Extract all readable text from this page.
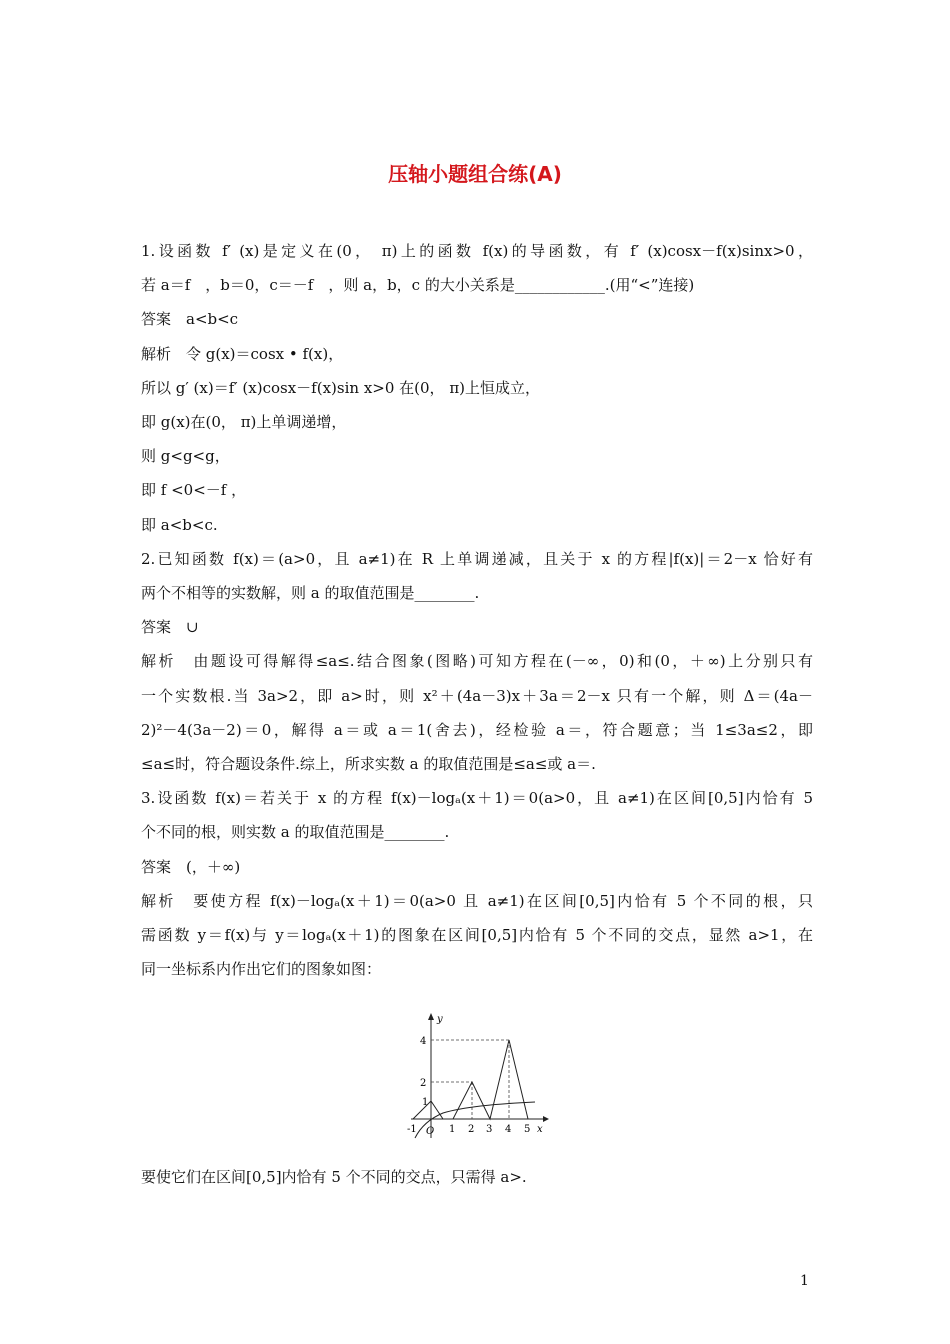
压轴小题组合练(A)

1.设函数 f′ (x)是定义在(0， π)上的函数 f(x)的导函数，有 f′ (x)cosx－f(x)sinx>0，

若 a＝f　，b＝0，c＝－f　，则 a，b，c 的大小关系是____________.(用“<”连接)

答案　a<b<c

解析　令 g(x)＝cosx • f(x)，

所以 g′ (x)＝f′ (x)cosx－f(x)sin x>0 在(0， π)上恒成立，

即 g(x)在(0， π)上单调递增，

则 g<g<g，

即 f <0<－f ，

即 a<b<c.

2.已知函数 f(x)＝(a>0，且 a≠1)在 R 上单调递减，且关于 x 的方程|f(x)|＝2－x 恰好有

两个不相等的实数解，则 a 的取值范围是________.

答案　∪

解析　由题设可得解得≤a≤.结合图象(图略)可知方程在(－∞，0)和(0，＋∞)上分别只有

一个实数根.当 3a>2，即 a>时，则 x²＋(4a－3)x＋3a＝2－x 只有一个解，则 Δ＝(4a－

2)²－4(3a－2)＝0，解得 a＝或 a＝1(舍去)，经检验 a＝，符合题意；当 1≤3a≤2，即

≤a≤时，符合题设条件.综上，所求实数 a 的取值范围是≤a≤或 a＝.

3.设函数 f(x)＝若关于 x 的方程 f(x)－logₐ(x＋1)＝0(a>0，且 a≠1)在区间[0,5]内恰有 5

个不同的根，则实数 a 的取值范围是________.

答案　(，＋∞)

解析　要使方程 f(x)－logₐ(x＋1)＝0(a>0 且 a≠1)在区间[0,5]内恰有 5 个不同的根，只

需函数 y＝f(x)与 y＝logₐ(x＋1)的图象在区间[0,5]内恰有 5 个不同的交点，显然 a>1，在

同一坐标系内作出它们的图象如图：

y
x
4
2
1
-1 O 1 2 3 4 5

要使它们在区间[0,5]内恰有 5 个不同的交点，只需得 a>.

1
